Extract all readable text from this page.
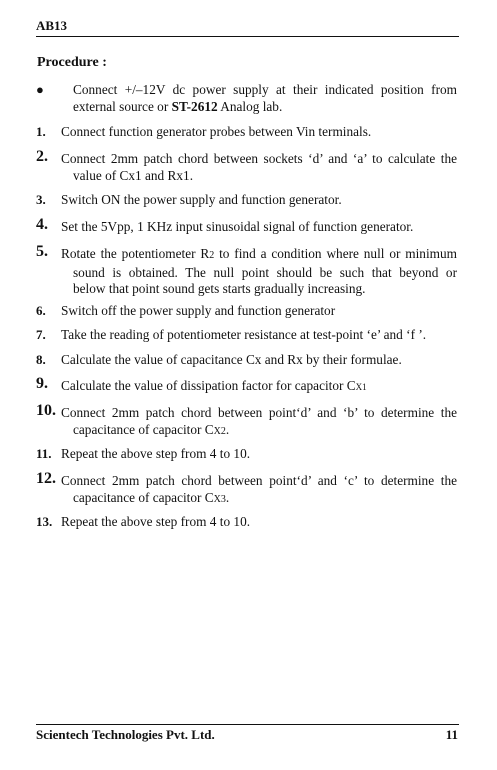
AB13
Procedure :
● Connect +/–12V dc power supply at their indicated position from
external source or ST-2612 Analog lab.
1. Connect function generator probes between Vin terminals.
2. Connect 2mm patch chord between sockets ‘d’ and ‘a’ to calculate the
value of Cx1 and Rx1.
3. Switch ON the power supply and function generator.
4. Set the 5Vpp, 1 KHz input sinusoidal signal of function generator.
5. Rotate the potentiometer R2 to find a condition where null or minimum
sound is obtained. The null point should be such that beyond or
below that point sound gets starts gradually increasing.
6. Switch off the power supply and function generator
7. Take the reading of potentiometer resistance at test-point ‘e’ and ‘f ’.
8. Calculate the value of capacitance Cx and Rx by their formulae.
9. Calculate the value of dissipation factor for capacitor CX1
10. Connect 2mm patch chord between point‘d’ and ‘b’ to determine the
capacitance of capacitor CX2.
11. Repeat the above step from 4 to 10.
12. Connect 2mm patch chord between point‘d’ and ‘c’ to determine the
capacitance of capacitor CX3.
13. Repeat the above step from 4 to 10.
Scientech Technologies Pvt. Ltd.	11
